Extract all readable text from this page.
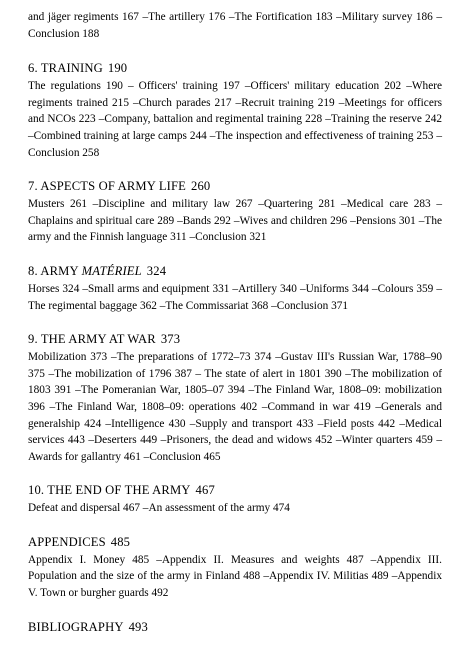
and jäger regiments 167 –The artillery 176 –The Fortification 183 –Military survey 186 – Conclusion 188

6. TRAINING 190

The regulations 190 – Officers' training 197 –Officers' military education 202 –Where regiments trained 215 –Church parades 217 –Recruit training 219 –Meetings for officers and NCOs 223 –Company, battalion and regimental training 228 –Training the reserve 242 –Combined training at large camps 244 –The inspection and effectiveness of training 253 –Conclusion 258

7. ASPECTS OF ARMY LIFE 260

Musters 261 –Discipline and military law 267 –Quartering 281 –Medical care 283 –Chaplains and spiritual care 289 –Bands 292 –Wives and children 296 –Pensions 301 –The army and the Finnish language 311 –Conclusion 321

8. ARMY MATÉRIEL 324

Horses 324 –Small arms and equipment 331 –Artillery 340 –Uniforms 344 –Colours 359 –The regimental baggage 362 –The Commissariat 368 –Conclusion 371

9. THE ARMY AT WAR 373

Mobilization 373 –The preparations of 1772–73 374 –Gustav III's Russian War, 1788–90 375 –The mobilization of 1796 387 – The state of alert in 1801 390 –The mobilization of 1803 391 –The Pomeranian War, 1805–07 394 –The Finland War, 1808–09: mobilization 396 –The Finland War, 1808–09: operations 402 –Command in war 419 –Generals and generalship 424 –Intelligence 430 –Supply and transport 433 –Field posts 442 –Medical services 443 –Deserters 449 –Prisoners, the dead and widows 452 –Winter quarters 459 –Awards for gallantry 461 –Conclusion 465

10. THE END OF THE ARMY 467

Defeat and dispersal 467 –An assessment of the army 474

APPENDICES 485

Appendix I. Money 485 –Appendix II. Measures and weights 487 –Appendix III. Population and the size of the army in Finland 488 –Appendix IV. Militias 489 –Appendix V. Town or burgher guards 492

BIBLIOGRAPHY 493
